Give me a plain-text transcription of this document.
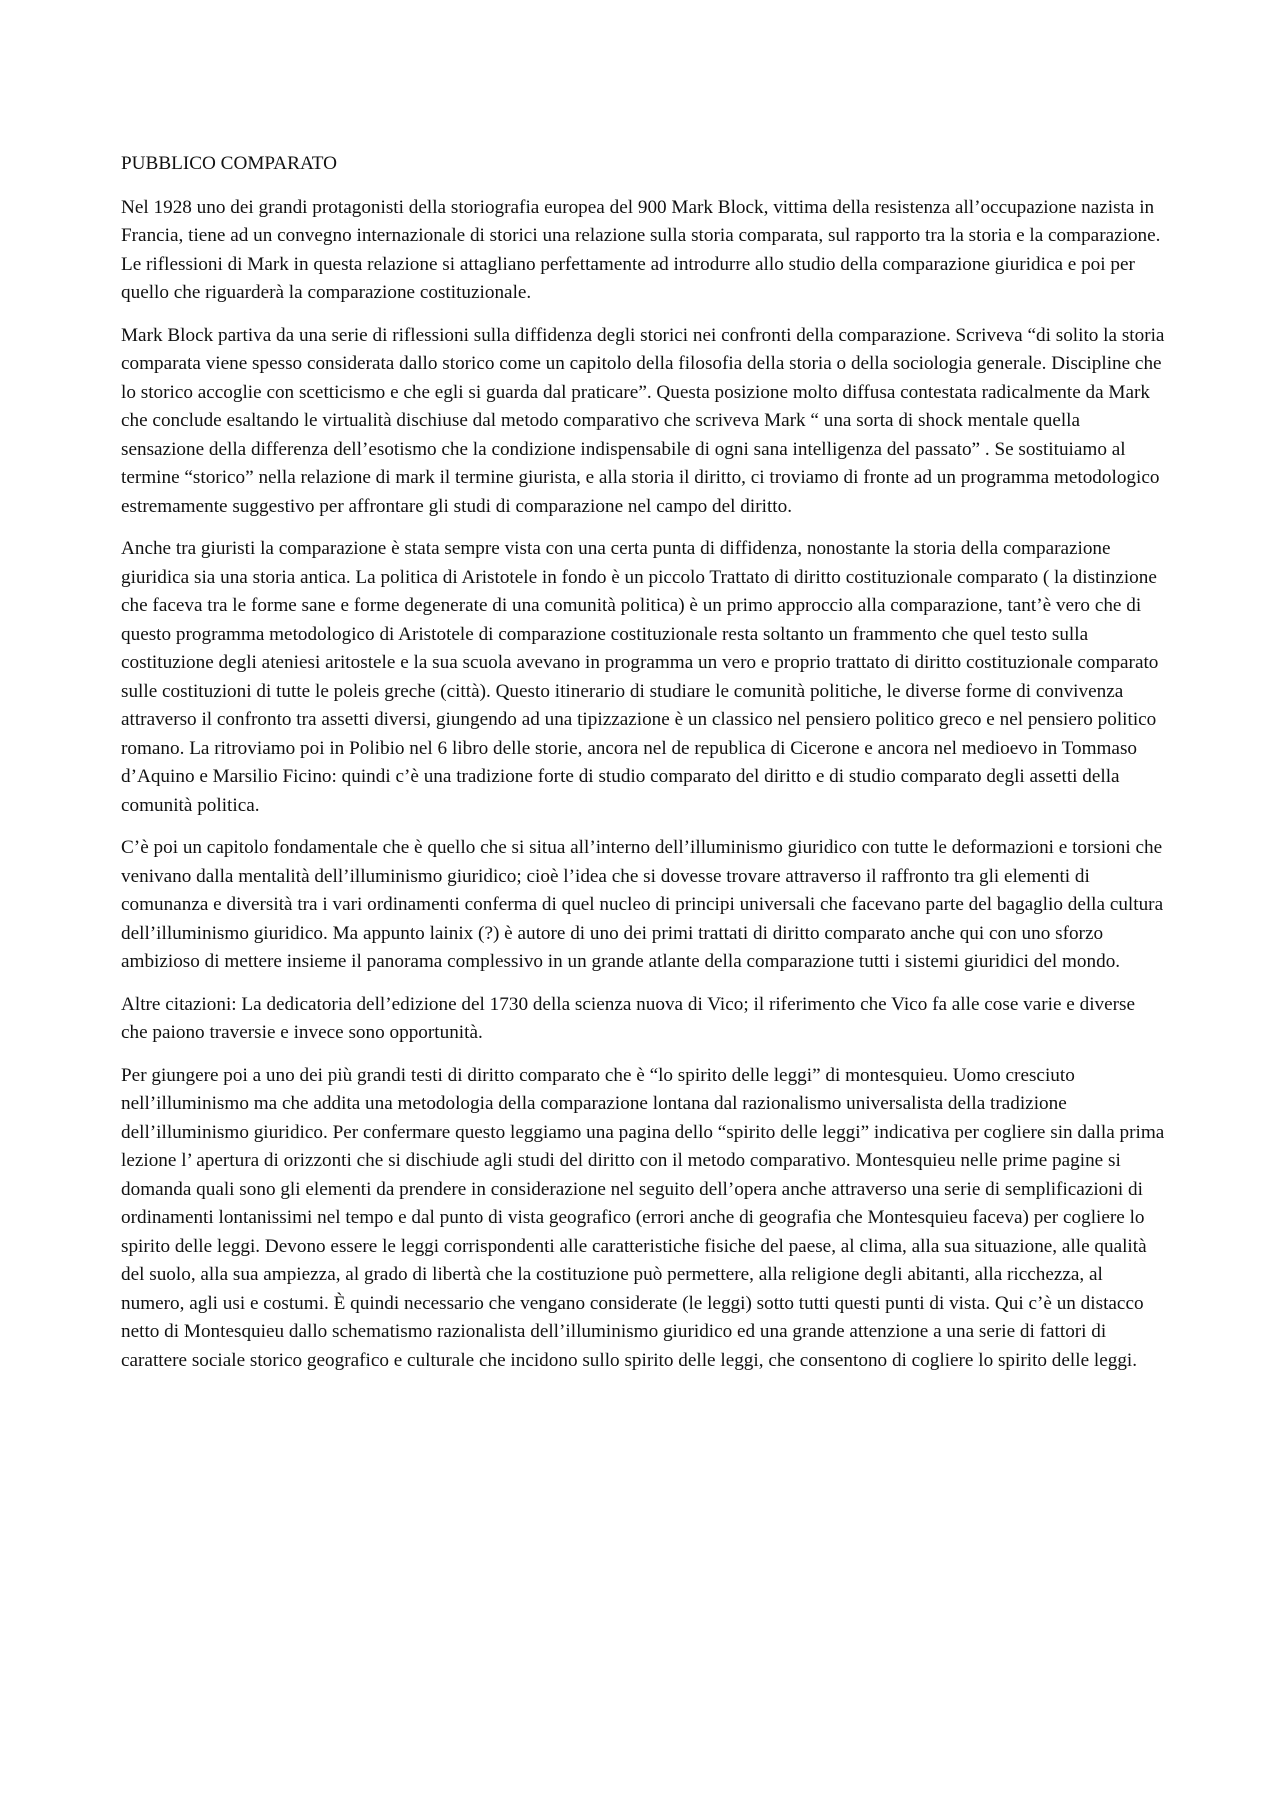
PUBBLICO COMPARATO

Nel 1928 uno dei grandi protagonisti della storiografia europea del 900 Mark Block, vittima della resistenza all’occupazione nazista in Francia, tiene ad un convegno internazionale di storici una relazione sulla storia comparata, sul rapporto tra la storia e la comparazione. Le riflessioni di Mark in questa relazione si attagliano perfettamente ad introdurre allo studio della comparazione giuridica e poi per quello che riguarderà la comparazione costituzionale.

Mark Block partiva da una serie di riflessioni sulla diffidenza degli storici nei confronti della comparazione. Scriveva “di solito la storia comparata viene spesso considerata dallo storico come un capitolo della filosofia della storia o della sociologia generale. Discipline che lo storico accoglie con scetticismo e che egli si guarda dal praticare”. Questa posizione molto diffusa contestata radicalmente da Mark che conclude esaltando le virtualità dischiuse dal metodo comparativo che scriveva Mark “ una sorta di shock mentale quella sensazione della differenza dell’esotismo che la condizione indispensabile di ogni sana intelligenza del passato” . Se sostituiamo al termine “storico” nella relazione di mark il termine giurista, e alla storia il diritto, ci troviamo di fronte ad un programma metodologico estremamente suggestivo per affrontare gli studi di comparazione nel campo del diritto.

Anche tra giuristi la comparazione è stata sempre vista con una certa punta di diffidenza, nonostante la storia della comparazione giuridica sia una storia antica. La politica di Aristotele in fondo è un piccolo Trattato di diritto costituzionale comparato ( la distinzione che faceva tra le forme sane e forme degenerate di una comunità politica) è un primo approccio alla comparazione, tant’è vero che di questo programma metodologico di Aristotele di comparazione costituzionale resta soltanto un frammento che quel testo sulla costituzione degli ateniesi aritostele e la sua scuola avevano in programma un vero e proprio trattato di diritto costituzionale comparato sulle costituzioni di tutte le poleis greche (città). Questo itinerario di studiare le comunità politiche, le diverse forme di convivenza attraverso il confronto tra assetti diversi, giungendo ad una tipizzazione è un classico nel pensiero politico greco e nel pensiero politico romano. La ritroviamo poi in Polibio nel 6 libro delle storie, ancora nel de republica di Cicerone e ancora nel medioevo in Tommaso d’Aquino e Marsilio Ficino: quindi c’è una tradizione forte di studio comparato del diritto e di studio comparato degli assetti della comunità politica.

C’è poi un capitolo fondamentale che è quello che si situa all’interno dell’illuminismo giuridico con tutte le deformazioni e torsioni che venivano dalla mentalità dell’illuminismo giuridico; cioè l’idea che si dovesse trovare attraverso il raffronto tra gli elementi di comunanza e diversità tra i vari ordinamenti conferma di quel nucleo di principi universali che facevano parte del bagaglio della cultura dell’illuminismo giuridico. Ma appunto lainix (?) è autore di uno dei primi trattati di diritto comparato anche qui con uno sforzo ambizioso di mettere insieme il panorama complessivo in un grande atlante della comparazione tutti i sistemi giuridici del mondo.

Altre citazioni: La dedicatoria dell’edizione del 1730 della scienza nuova di Vico; il riferimento che Vico fa alle cose varie e diverse che paiono traversie e invece sono opportunità.

Per giungere poi a uno dei più grandi testi di diritto comparato che è “lo spirito delle leggi” di montesquieu. Uomo cresciuto nell’illuminismo ma che addita una metodologia della comparazione lontana dal razionalismo universalista della tradizione dell’illuminismo giuridico. Per confermare questo leggiamo una pagina dello “spirito delle leggi” indicativa per cogliere sin dalla prima lezione l’ apertura di orizzonti che si dischiude agli studi del diritto con il metodo comparativo. Montesquieu nelle prime pagine si domanda quali sono gli elementi da prendere in considerazione nel seguito dell’opera anche attraverso una serie di semplificazioni di ordinamenti lontanissimi nel tempo e dal punto di vista geografico (errori anche di geografia che Montesquieu faceva) per cogliere lo spirito delle leggi. Devono essere le leggi corrispondenti alle caratteristiche fisiche del paese, al clima, alla sua situazione, alle qualità del suolo, alla sua ampiezza, al grado di libertà che la costituzione può permettere, alla religione degli abitanti, alla ricchezza, al numero, agli usi e costumi. È quindi necessario che vengano considerate (le leggi) sotto tutti questi punti di vista. Qui c’è un distacco netto di Montesquieu dallo schematismo razionalista dell’illuminismo giuridico ed una grande attenzione a una serie di fattori di carattere sociale storico geografico e culturale che incidono sullo spirito delle leggi, che consentono di cogliere lo spirito delle leggi.
